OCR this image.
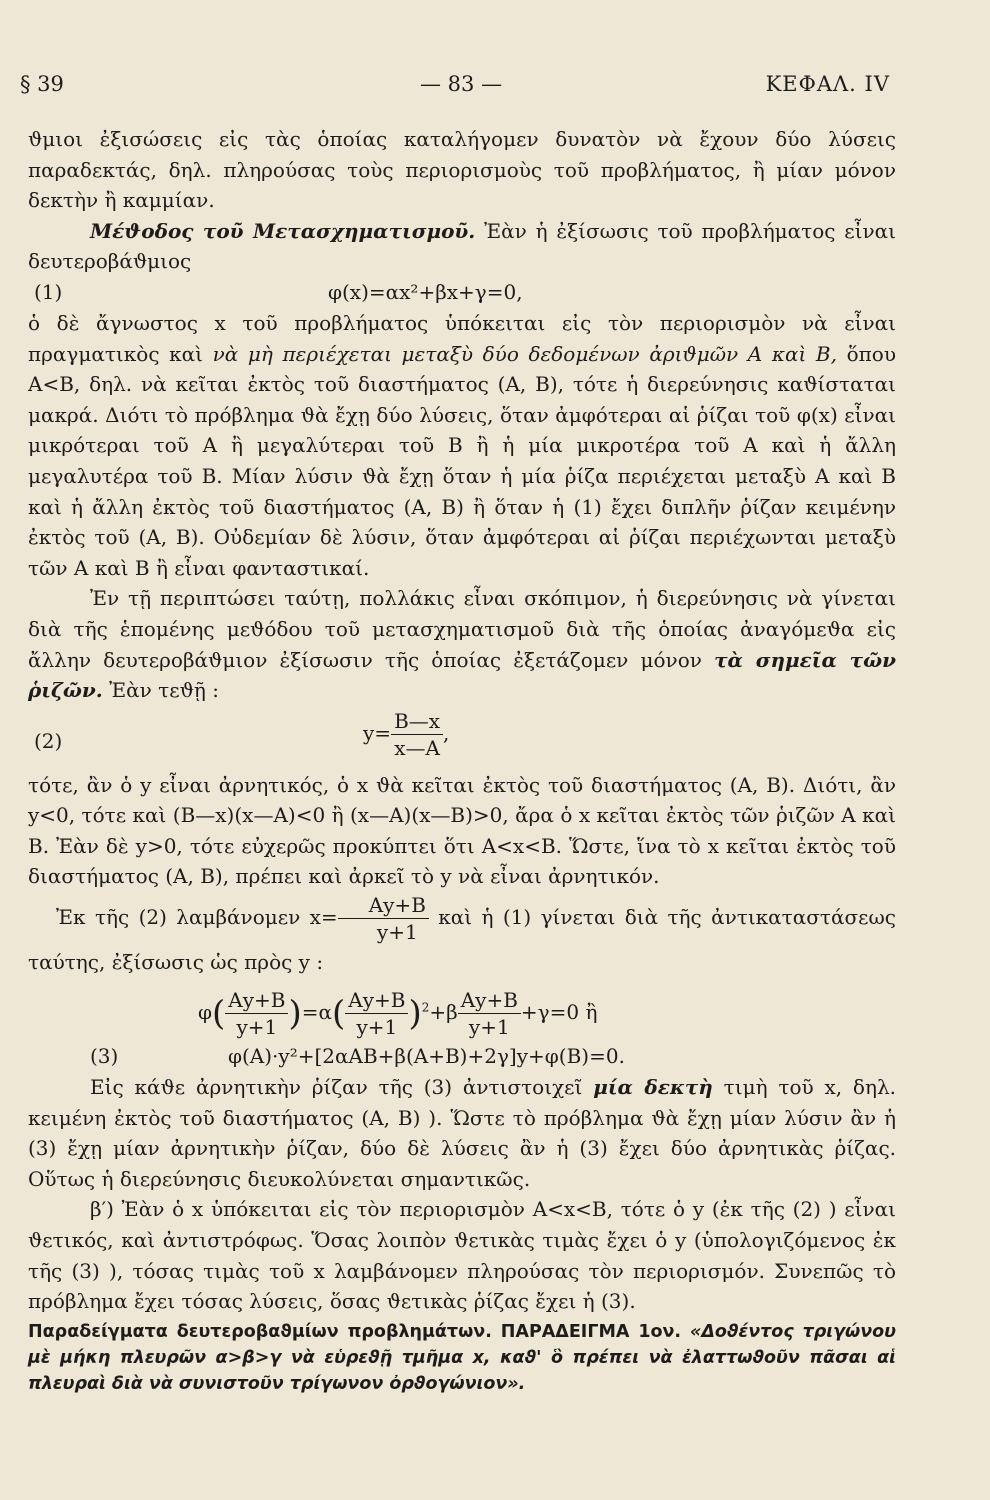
§ 39	— 83 —	ΚΕΦΑΛ. IV

ϑμιοι ἐξισώσεις εἰς τὰς ὁποίας καταλήγομεν δυνατὸν νὰ ἔχουν δύο λύσεις παραδεκτάς, δηλ. πληρούσας τοὺς περιορισμοὺς τοῦ προβλήματος, ἢ μίαν μόνον δεκτὴν ἢ καμμίαν.

Μέϑοδος τοῦ Μετασχηματισμοῦ. Ἐὰν ἡ ἐξίσωσις τοῦ προβλήματος εἶναι δευτεροβάϑμιος

(1)	φ(x)=αx²+βx+γ=0,

ὁ δὲ ἄγνωστος x τοῦ προβλήματος ὑπόκειται εἰς τὸν περιορισμὸν νὰ εἶναι πραγματικὸς καὶ νὰ μὴ περιέχεται μεταξὺ δύο δεδομένων ἀριϑμῶν Α καὶ Β, ὅπου Α<Β, δηλ. νὰ κεῖται ἐκτὸς τοῦ διαστήματος (Α, Β), τότε ἡ διερεύνησις καϑίσταται μακρά. Διότι τὸ πρόβλημα ϑὰ ἔχῃ δύο λύσεις, ὅταν ἀμφότεραι αἱ ῥίζαι τοῦ φ(x) εἶναι μικρότεραι τοῦ Α ἢ μεγαλύτεραι τοῦ Β ἢ ἡ μία μικροτέρα τοῦ Α καὶ ἡ ἄλλη μεγαλυτέρα τοῦ Β. Μίαν λύσιν ϑὰ ἔχῃ ὅταν ἡ μία ῥίζα περιέχεται μεταξὺ Α καὶ Β καὶ ἡ ἄλλη ἐκτὸς τοῦ διαστήματος (Α, Β) ἢ ὅταν ἡ (1) ἔχει διπλῆν ῥίζαν κειμένην ἐκτὸς τοῦ (Α, Β). Οὐδεμίαν δὲ λύσιν, ὅταν ἀμφότεραι αἱ ῥίζαι περιέχωνται μεταξὺ τῶν Α καὶ Β ἢ εἶναι φανταστικαί.

Ἐν τῇ περιπτώσει ταύτῃ, πολλάκις εἶναι σκόπιμον, ἡ διερεύνησις νὰ γίνεται διὰ τῆς ἑπομένης μεϑόδου τοῦ μετασχηματισμοῦ διὰ τῆς ὁποίας ἀναγόμεϑα εἰς ἄλλην δευτεροβάϑμιον ἐξίσωσιν τῆς ὁποίας ἐξετάζομεν μόνον τὰ σημεῖα τῶν ῥιζῶν. Ἐὰν τεϑῇ :

(2)	$y= \frac{B—x}{x—A}$ ,

τότε, ἂν ὁ y εἶναι ἀρνητικός, ὁ x ϑὰ κεῖται ἐκτὸς τοῦ διαστήματος (Α, Β). Διότι, ἂν y<0, τότε καὶ (Β—x)(x—Α)<0 ἢ (x—Α)(x—Β)>0, ἄρα ὁ x κεῖται ἐκτὸς τῶν ῥιζῶν Α καὶ Β. Ἐὰν δὲ y>0, τότε εὐχερῶς προκύπτει ὅτι Α<x<Β. Ὥστε, ἵνα τὸ x κεῖται ἐκτὸς τοῦ διαστήματος (Α, Β), πρέπει καὶ ἀρκεῖ τὸ y νὰ εἶναι ἀρνητικόν.

Ἐκ τῆς (2) λαμβάνομεν $x= \frac{Ay+B}{y+1}$ καὶ ἡ (1) γίνεται διὰ τῆς ἀντικαταστάσεως ταύτης, ἐξίσωσις ὡς πρὸς y :

$\varphi( \frac{Ay+B}{y+1} )=\alpha( \frac{Ay+B}{y+1} )^2+\beta \frac{Ay+B}{y+1} +\gamma=0$ ἢ
(3)	φ(Α)·y²+[2αΑΒ+β(Α+Β)+2γ]y+φ(Β)=0.

Εἰς κάϑε ἀρνητικὴν ῥίζαν τῆς (3) ἀντιστοιχεῖ μία δεκτὴ τιμὴ τοῦ x, δηλ. κειμένη ἐκτὸς τοῦ διαστήματος (Α, Β) ). Ὥστε τὸ πρόβλημα ϑὰ ἔχῃ μίαν λύσιν ἂν ἡ (3) ἔχῃ μίαν ἀρνητικὴν ῥίζαν, δύο δὲ λύσεις ἂν ἡ (3) ἔχει δύο ἀρνητικὰς ῥίζας. Οὕτως ἡ διερεύνησις διευκολύνεται σημαντικῶς.

β′) Ἐὰν ὁ x ὑπόκειται εἰς τὸν περιορισμὸν Α<x<Β, τότε ὁ y (ἐκ τῆς (2) ) εἶναι ϑετικός, καὶ ἀντιστρόφως. Ὅσας λοιπὸν ϑετικὰς τιμὰς ἔχει ὁ y (ὑπολογιζόμενος ἐκ τῆς (3) ), τόσας τιμὰς τοῦ x λαμβάνομεν πληρούσας τὸν περιορισμόν. Συνεπῶς τὸ πρόβλημα ἔχει τόσας λύσεις, ὅσας ϑετικὰς ῥίζας ἔχει ἡ (3).

Παραδείγματα δευτεροβαϑμίων προβλημάτων. ΠΑΡΑΔΕΙΓΜΑ 1ον. «Δοϑέντος τριγώνου μὲ μήκη πλευρῶν α>β>γ νὰ εὑρεϑῇ τμῆμα x, καϑ' ὃ πρέπει νὰ ἐλαττωϑοῦν πᾶσαι αἱ πλευραὶ διὰ νὰ συνιστοῦν τρίγωνον ὀρϑογώνιον».
